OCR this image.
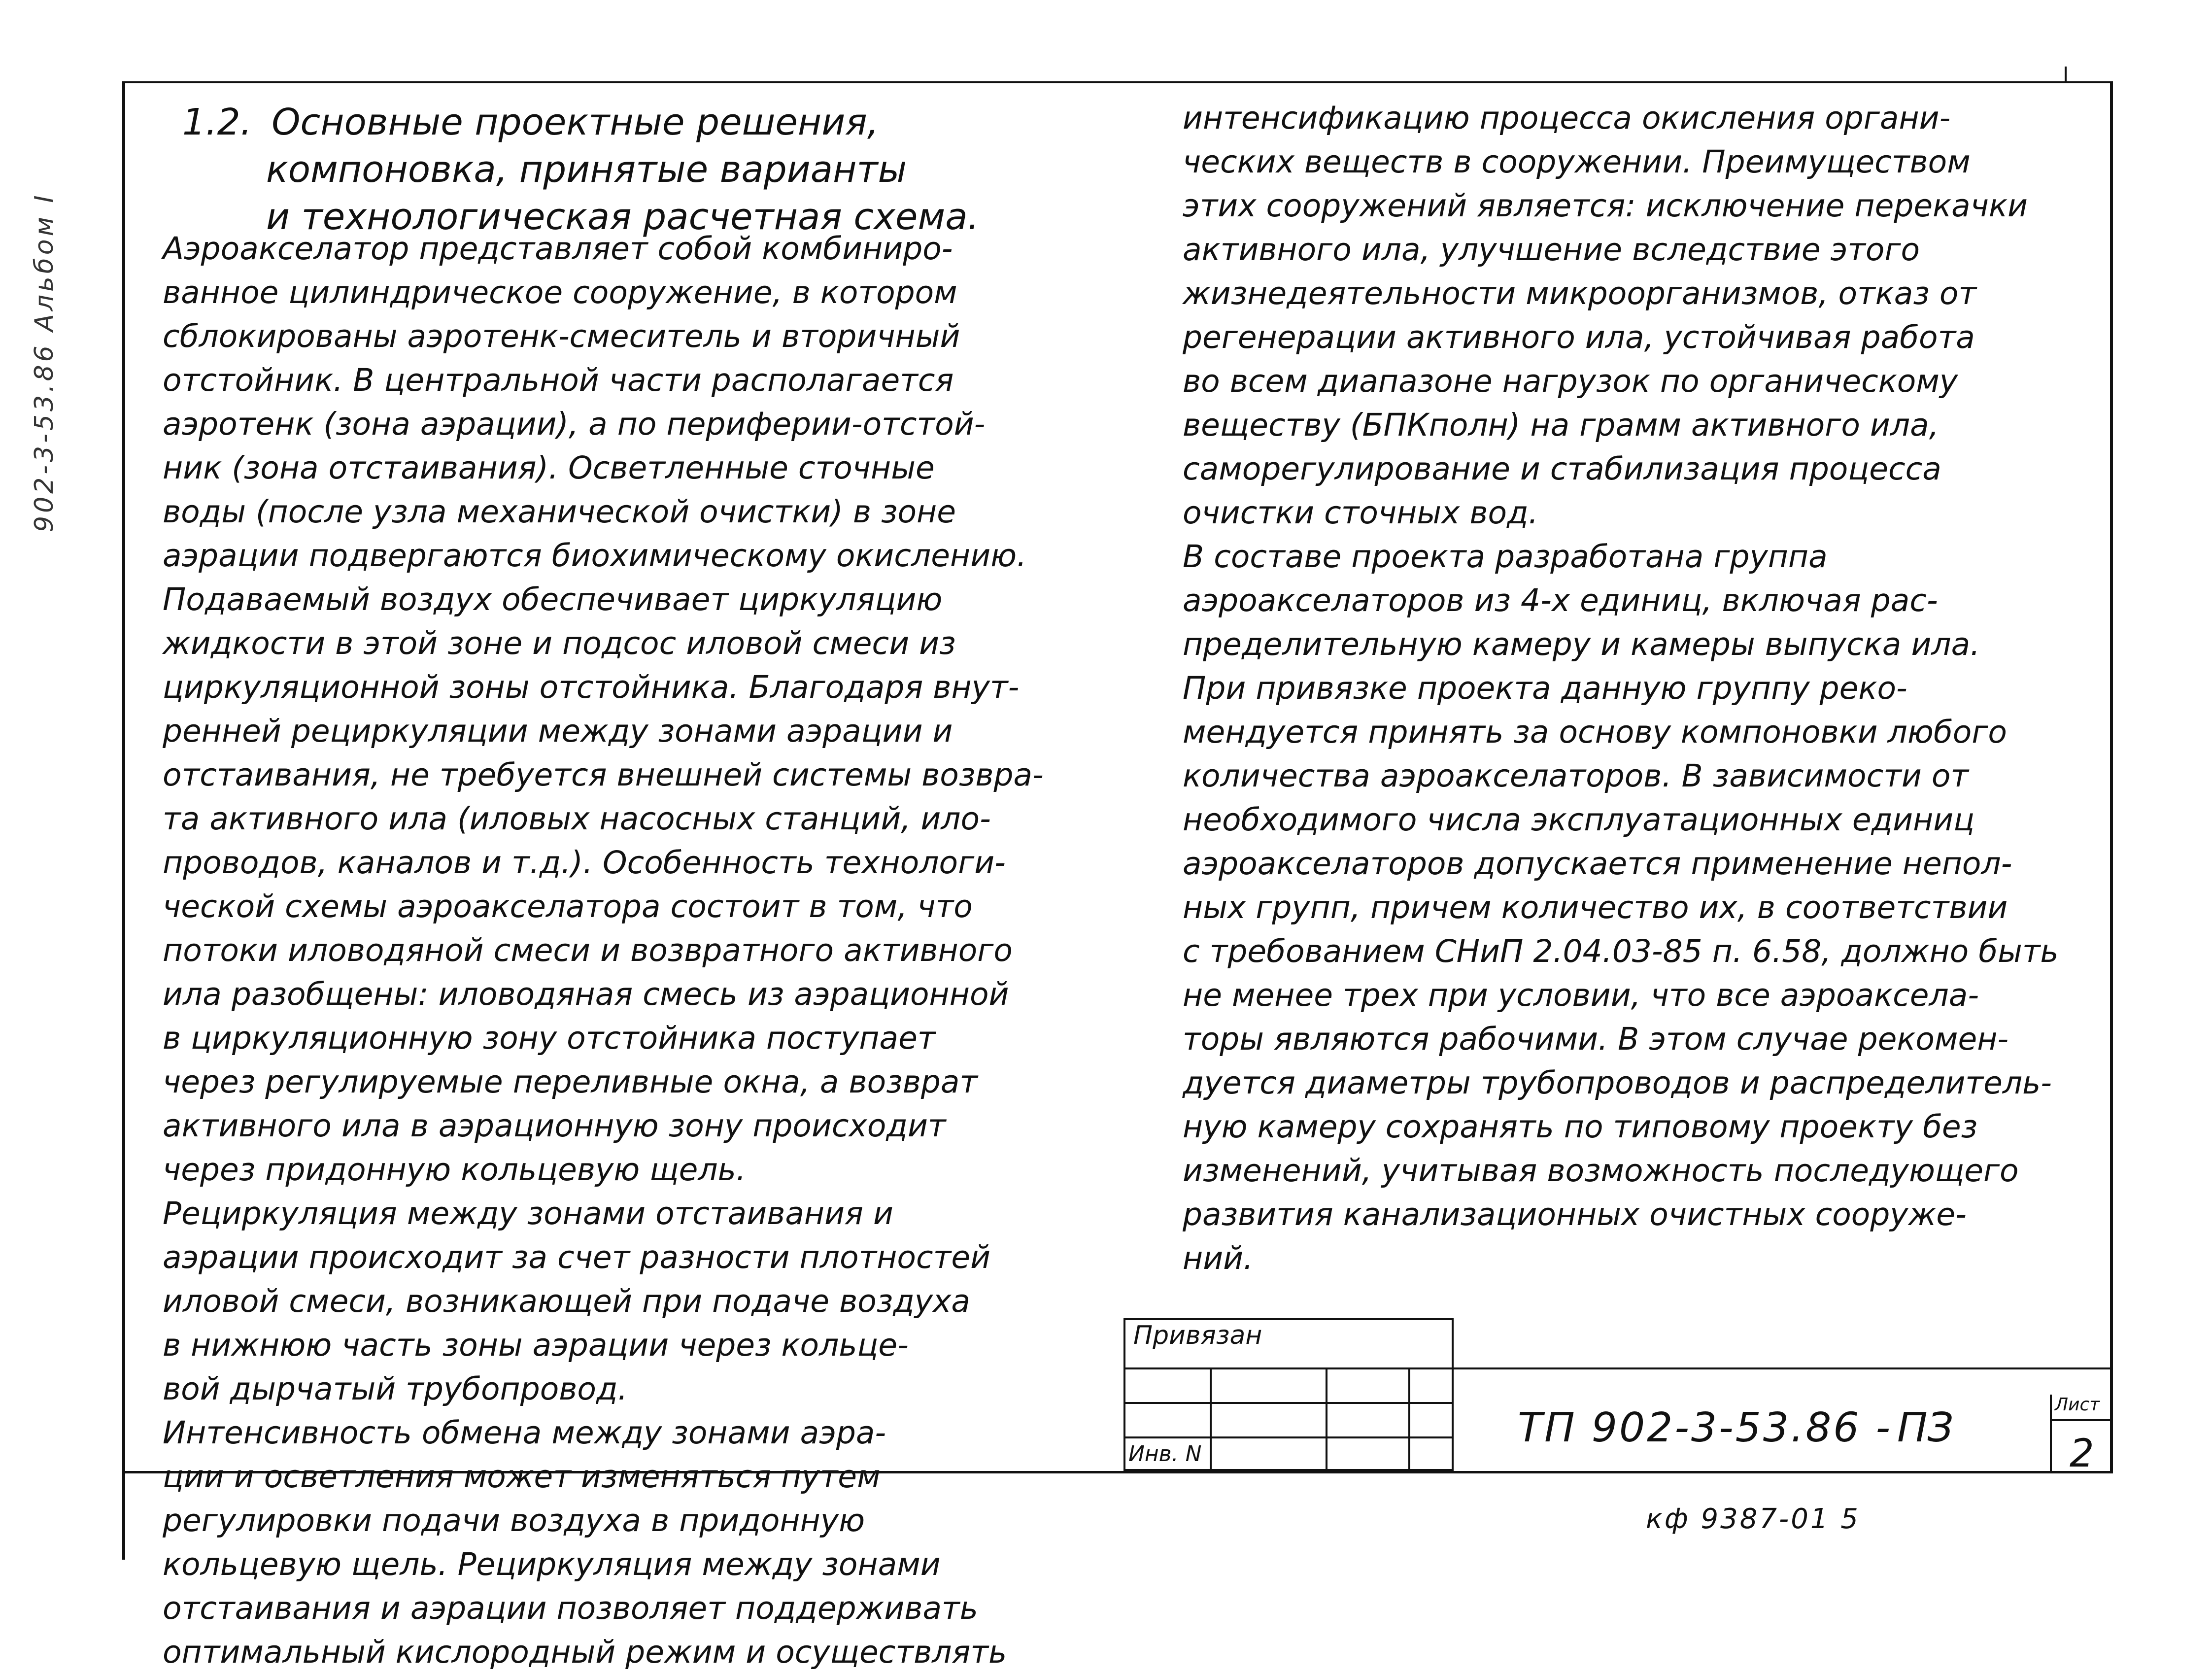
902-3-53.86 Альбом I
1.2. Основные проектные решения,
компоновка, принятые варианты
и технологическая расчетная схема.

Аэроакселатор представляет собой комбиниро-

ванное цилиндрическое сооружение, в котором

сблокированы аэротенк-смеситель и вторичный

отстойник. В центральной части располагается

аэротенк (зона аэрации), а по периферии-отстой-

ник (зона отстаивания). Осветленные сточные

воды (после узла механической очистки) в зоне

аэрации подвергаются биохимическому окислению.

Подаваемый воздух обеспечивает циркуляцию

жидкости в этой зоне и подсос иловой смеси из

циркуляционной зоны отстойника. Благодаря внут-

ренней рециркуляции между зонами аэрации и

отстаивания, не требуется внешней системы возвра-

та активного ила (иловых насосных станций, ило-

проводов, каналов и т.д.). Особенность технологи-

ческой схемы аэроакселатора состоит в том, что

потоки иловодяной смеси и возвратного активного

ила разобщены: иловодяная смесь из аэрационной

в циркуляционную зону отстойника поступает

через регулируемые переливные окна, а возврат

активного ила в аэрационную зону происходит

через придонную кольцевую щель.

Рециркуляция между зонами отстаивания и

аэрации происходит за счет разности плотностей

иловой смеси, возникающей при подаче воздуха

в нижнюю часть зоны аэрации через кольце-

вой дырчатый трубопровод.

Интенсивность обмена между зонами аэра-

ции и осветления может изменяться путем

регулировки подачи воздуха в придонную

кольцевую щель. Рециркуляция между зонами

отстаивания и аэрации позволяет поддерживать

оптимальный кислородный режим и осуществлять

интенсификацию процесса окисления органи-

ческих веществ в сооружении. Преимуществом

этих сооружений является: исключение перекачки

активного ила, улучшение вследствие этого

жизнедеятельности микроорганизмов, отказ от

регенерации активного ила, устойчивая работа

во всем диапазоне нагрузок по органическому

веществу (БПКполн) на грамм активного ила,

саморегулирование и стабилизация процесса

очистки сточных вод.

В составе проекта разработана группа

аэроакселаторов из 4-х единиц, включая рас-

пределительную камеру и камеры выпуска ила.

При привязке проекта данную группу реко-

мендуется принять за основу компоновки любого

количества аэроакселаторов. В зависимости от

необходимого числа эксплуатационных единиц

аэроакселаторов допускается применение непол-

ных групп, причем количество их, в соответствии

с требованием СНиП 2.04.03-85 п. 6.58, должно быть

не менее трех при условии, что все аэроаксела-

торы являются рабочими. В этом случае рекомен-

дуется диаметры трубопроводов и распределитель-

ную камеру сохранять по типовому проекту без

изменений, учитывая возможность последующего

развития канализационных очистных сооруже-

ний.

Привязан
Инв. N
ТП 902-3-53.86 - ПЗ	Лист
2
кф 9387-01 5
